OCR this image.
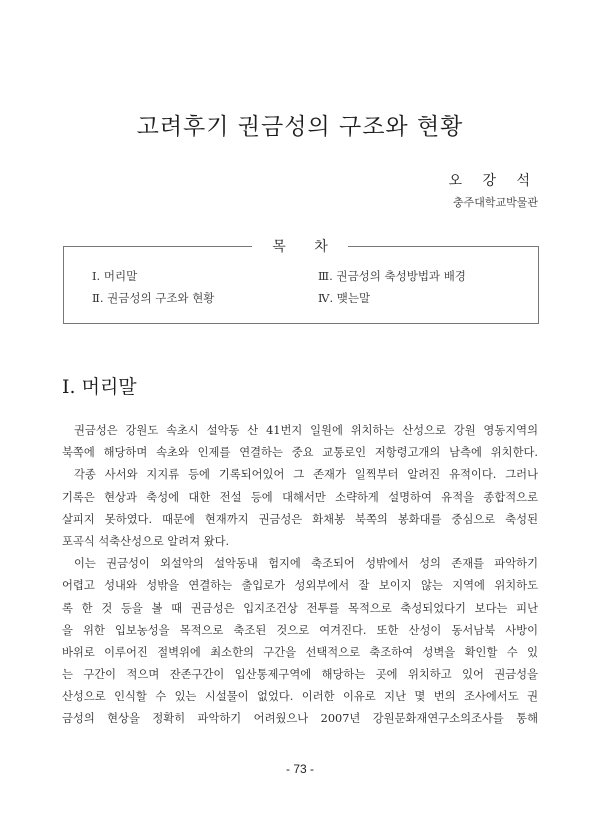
고려후기 권금성의 구조와 현황
오 강 석
충주대학교박물관
목 차
Ⅰ. 머리말
Ⅱ. 권금성의 구조와 현황
Ⅲ. 권금성의 축성방법과 배경
Ⅳ. 맺는말
Ⅰ. 머리말
권금성은 강원도 속초시 설악동 산 41번지 일원에 위치하는 산성으로 강원 영동지역의
북쪽에 해당하며 속초와 인제를 연결하는 중요 교통로인 저항령고개의 남측에 위치한다.
각종 사서와 지지류 등에 기록되어있어 그 존재가 일찍부터 알려진 유적이다. 그러나
기록은 현상과 축성에 대한 전설 등에 대해서만 소략하게 설명하여 유적을 종합적으로
살피지 못하였다. 때문에 현재까지 권금성은 화채봉 북쪽의 봉화대를 중심으로 축성된
포곡식 석축산성으로 알려져 왔다.
이는 권금성이 외설악의 설악동내 험지에 축조되어 성밖에서 성의 존재를 파악하기
어렵고 성내와 성밖을 연결하는 출입로가 성외부에서 잘 보이지 않는 지역에 위치하도
록 한 것 등을 볼 때 권금성은 입지조건상 전투를 목적으로 축성되었다기 보다는 피난
을 위한 입보농성을 목적으로 축조된 것으로 여겨진다. 또한 산성이 동서남북 사방이
바위로 이루어진 절벽위에 최소한의 구간을 선택적으로 축조하여 성벽을 확인할 수 있
는 구간이 적으며 잔존구간이 입산통제구역에 해당하는 곳에 위치하고 있어 권금성을
산성으로 인식할 수 있는 시설물이 없었다. 이러한 이유로 지난 몇 번의 조사에서도 권
금성의 현상을 정확히 파악하기 어려웠으나 2007년 강원문화재연구소의조사를 통해
- 73 -
